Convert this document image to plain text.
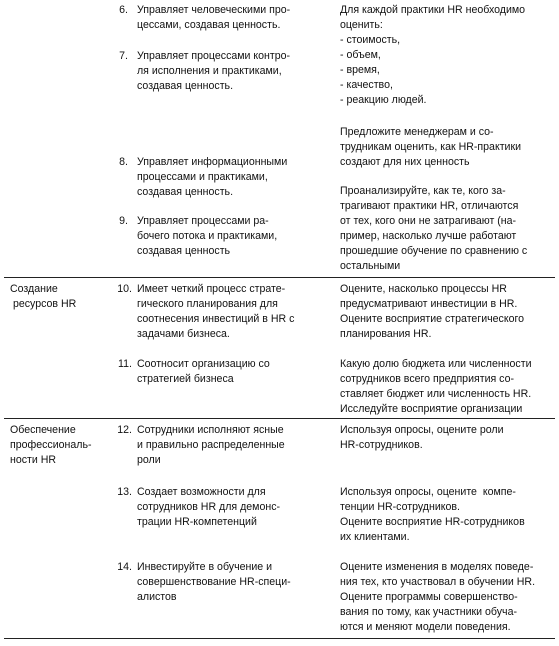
6. Управляет человеческими про-
цессами, создавая ценность.
7. Управляет процессами контро-
ля исполнения и практиками,
создавая ценность.
8. Управляет информационными
процессами и практиками,
создавая ценность.
9. Управляет процессами ра-
бочего потока и практиками,
создавая ценность
Для каждой практики HR необходимо
оценить:
- стоимость,
- объем,
- время,
- качество,
- реакцию людей.
Предложите менеджерам и со-
трудникам оценить, как HR-практики
создают для них ценность
Проанализируйте, как те, кого за-
трагивают практики HR, отличаются
от тех, кого они не затрагивают (на-
пример, насколько лучше работают
прошедшие обучение по сравнению с
остальными
Создание
ресурсов HR
10. Имеет четкий процесс страте-
гического планирования для
соотнесения инвестиций в HR с
задачами бизнеса.
11. Соотносит организацию со
стратегией бизнеса
Оцените, насколько процессы HR
предусматривают инвестиции в HR.
Оцените восприятие стратегического
планирования HR.
Какую долю бюджета или численности
сотрудников всего предприятия со-
ставляет бюджет или численность HR.
Исследуйте восприятие организации
Обеспечение
профессиональ-
ности HR
12. Сотрудники исполняют ясные
и правильно распределенные
роли
13. Создает возможности для
сотрудников HR для демонс-
трации HR-компетенций
14. Инвестируйте в обучение и
совершенствование HR-специ-
алистов
Используя опросы, оцените роли
HR-сотрудников.
Используя опросы, оцените  компе-
тенции HR-сотрудников.
Оцените восприятие HR-сотрудников
их клиентами.
Оцените изменения в моделях поведе-
ния тех, кто участвовал в обучении HR.
Оцените программы совершенство-
вания по тому, как участники обуча-
ются и меняют модели поведения.
